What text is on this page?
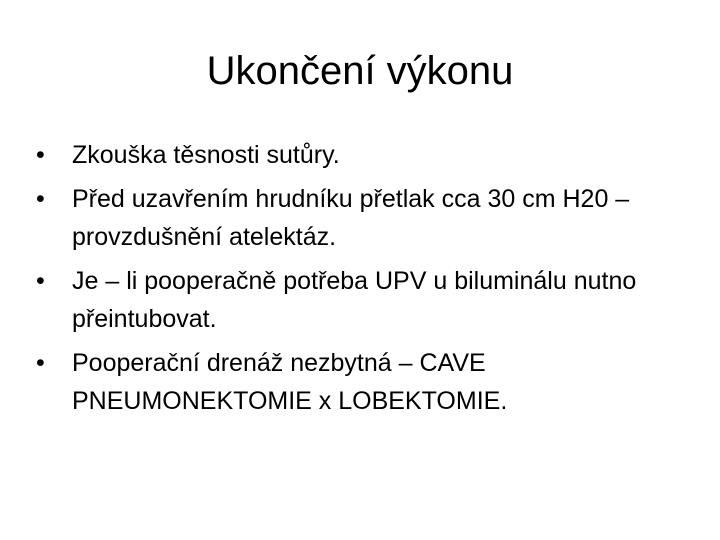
Ukončení výkonu
• Zkouška těsnosti sutůry.
• Před uzavřením hrudníku přetlak cca 30 cm H20 – provzdušnění atelektáz.
• Je – li pooperačně potřeba UPV u biluminálu nutno přeintubovat.
• Pooperační drenáž nezbytná – CAVE PNEUMONEKTOMIE x LOBEKTOMIE.
